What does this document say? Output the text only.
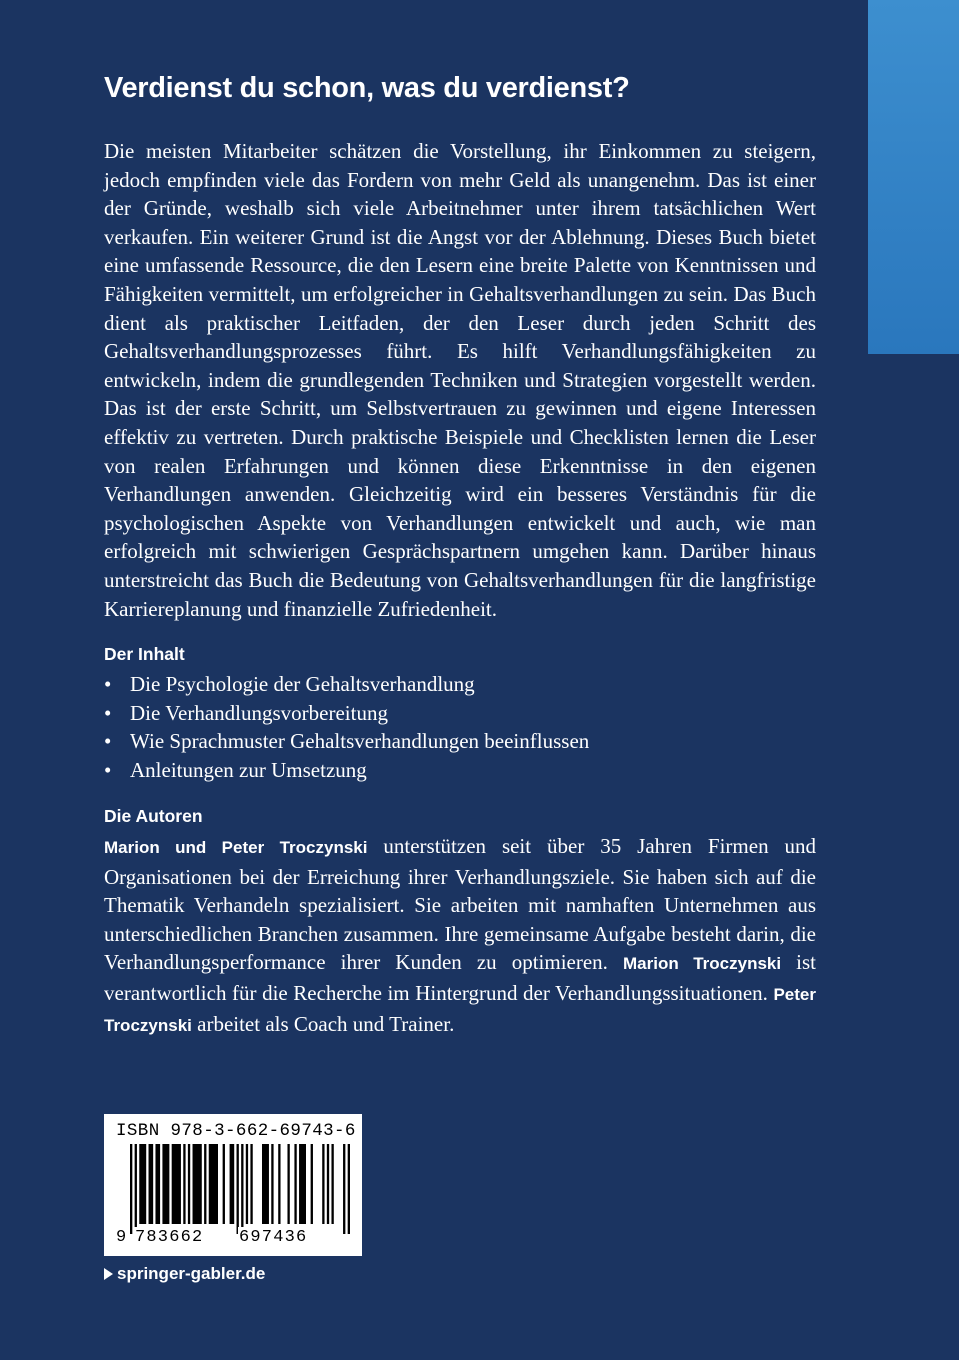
Verdienst du schon, was du verdienst?

Die meisten Mitarbeiter schätzen die Vorstellung, ihr Einkommen zu steigern, jedoch empfinden viele das Fordern von mehr Geld als unangenehm. Das ist einer der Gründe, weshalb sich viele Arbeitnehmer unter ihrem tatsächlichen Wert verkaufen. Ein weiterer Grund ist die Angst vor der Ablehnung. Dieses Buch bietet eine umfassende Ressource, die den Lesern eine breite Palette von Kenntnissen und Fähigkeiten vermittelt, um erfolgreicher in Gehaltsverhandlungen zu sein. Das Buch dient als praktischer Leitfaden, der den Leser durch jeden Schritt des Gehaltsverhandlungsprozesses führt. Es hilft Verhandlungsfähigkeiten zu entwickeln, indem die grundlegenden Techniken und Strategien vorgestellt werden. Das ist der erste Schritt, um Selbstvertrauen zu gewinnen und eigene Interessen effektiv zu vertreten. Durch praktische Beispiele und Checklisten lernen die Leser von realen Erfahrungen und können diese Erkenntnisse in den eigenen Verhandlungen anwenden. Gleichzeitig wird ein besseres Verständnis für die psychologischen Aspekte von Verhandlungen entwickelt und auch, wie man erfolgreich mit schwierigen Gesprächspartnern umgehen kann. Darüber hinaus unterstreicht das Buch die Bedeutung von Gehaltsverhandlungen für die langfristige Karriereplanung und finanzielle Zufriedenheit.

Der Inhalt
• Die Psychologie der Gehaltsverhandlung
• Die Verhandlungsvorbereitung
• Wie Sprachmuster Gehaltsverhandlungen beeinflussen
• Anleitungen zur Umsetzung
Die Autoren

Marion und Peter Troczynski unterstützen seit über 35 Jahren Firmen und Organisationen bei der Erreichung ihrer Verhandlungsziele. Sie haben sich auf die Thematik Verhandeln spezialisiert. Sie arbeiten mit namhaften Unternehmen aus unterschiedlichen Branchen zusammen. Ihre gemeinsame Aufgabe besteht darin, die Verhandlungsperformance ihrer Kunden zu optimieren. Marion Troczynski ist verantwortlich für die Recherche im Hintergrund der Verhandlungssituationen. Peter Troczynski arbeitet als Coach und Trainer.

ISBN 978-3-662-69743-6
9 783662 697436
springer-gabler.de
